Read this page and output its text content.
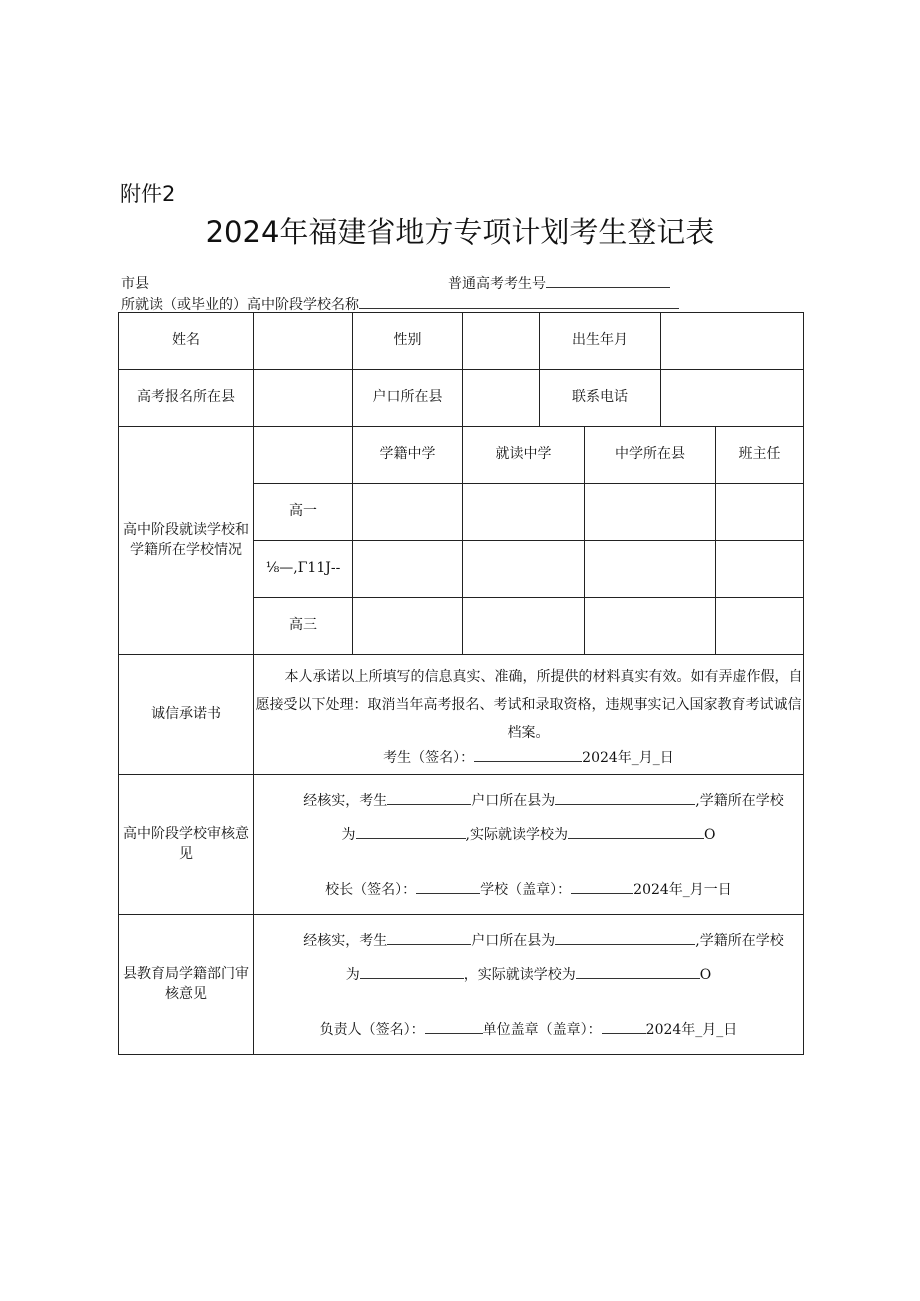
附件2
2024年福建省地方专项计划考生登记表
市县	普通高考考生号
所就读（或毕业的）高中阶段学校名称
姓名		性别		出生年月			
高考报名所在县		户口所在县		联系电话			
高中阶段就读学校和学籍所在学校情况		学籍中学	就读中学		中学所在县		班主任
	高一						
	⅛—,Γ11J--						
	高三						
诚信承诺书	本人承诺以上所填写的信息真实、准确，所提供的材料真实有效。如有弄虚作假，自愿接受以下处理：取消当年高考报名、考试和录取资格，违规事实记入国家教育考试诚信档案。
考生（签名）： 2024年_月_日						

高中阶段学校审核意见	经核实，考生 户口所在县为 ,学籍所在学校
为 ,实际就读学校为 O
校长（签名）： 学校（盖章）： 2024年_月一日						

县教育局学籍部门审核意见	经核实，考生 户口所在县为 ,学籍所在学校
为 ，实际就读学校为 O
负责人（签名）： 单位盖章（盖章）： 2024年_月_日						
